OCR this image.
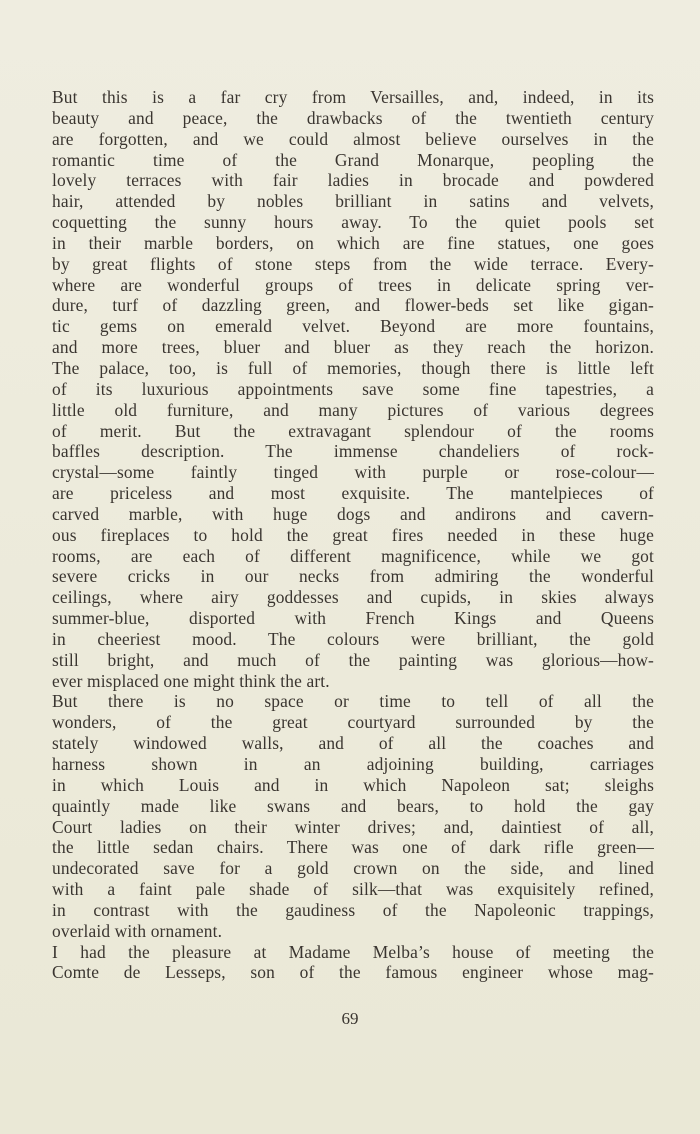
But this is a far cry from Versailles, and, indeed, in its
beauty and peace, the drawbacks of the twentieth century
are forgotten, and we could almost believe ourselves in the
romantic time of the Grand Monarque, peopling the
lovely terraces with fair ladies in brocade and powdered
hair, attended by nobles brilliant in satins and velvets,
coquetting the sunny hours away. To the quiet pools set
in their marble borders, on which are fine statues, one goes
by great flights of stone steps from the wide terrace. Every-
where are wonderful groups of trees in delicate spring ver-
dure, turf of dazzling green, and flower-beds set like gigan-
tic gems on emerald velvet. Beyond are more fountains,
and more trees, bluer and bluer as they reach the horizon.
The palace, too, is full of memories, though there is little left
of its luxurious appointments save some fine tapestries, a
little old furniture, and many pictures of various degrees
of merit. But the extravagant splendour of the rooms
baffles description. The immense chandeliers of rock-
crystal—some faintly tinged with purple or rose-colour—
are priceless and most exquisite. The mantelpieces of
carved marble, with huge dogs and andirons and cavern-
ous fireplaces to hold the great fires needed in these huge
rooms, are each of different magnificence, while we got
severe cricks in our necks from admiring the wonderful
ceilings, where airy goddesses and cupids, in skies always
summer-blue, disported with French Kings and Queens
in cheeriest mood. The colours were brilliant, the gold
still bright, and much of the painting was glorious—how-
ever misplaced one might think the art.
But there is no space or time to tell of all the
wonders, of the great courtyard surrounded by the
stately windowed walls, and of all the coaches and
harness shown in an adjoining building, carriages
in which Louis and in which Napoleon sat; sleighs
quaintly made like swans and bears, to hold the gay
Court ladies on their winter drives; and, daintiest of all,
the little sedan chairs. There was one of dark rifle green—
undecorated save for a gold crown on the side, and lined
with a faint pale shade of silk—that was exquisitely refined,
in contrast with the gaudiness of the Napoleonic trappings,
overlaid with ornament.
I had the pleasure at Madame Melba’s house of meeting the
Comte de Lesseps, son of the famous engineer whose mag-
69
